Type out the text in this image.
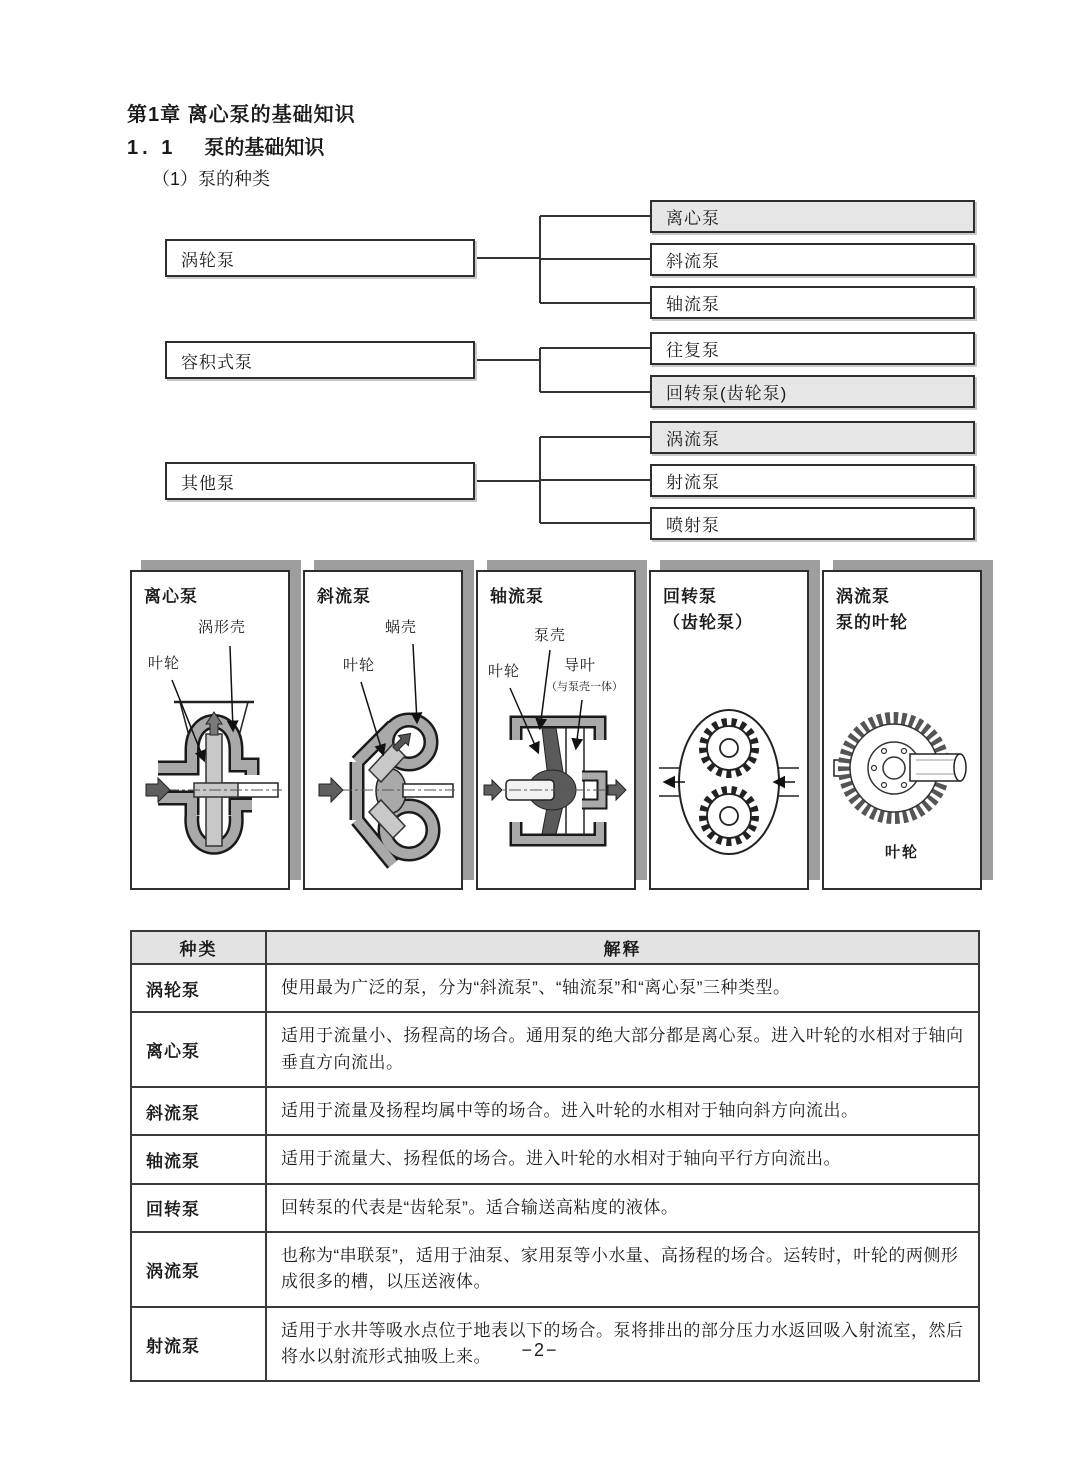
第1章 离心泵的基础知识
1. 1 泵的基础知识
（1）泵的种类
涡轮泵
离心泵
斜流泵
轴流泵
容积式泵
往复泵
回转泵(齿轮泵)
其他泵
涡流泵
射流泵
喷射泵
离心泵
涡形壳
叶轮
斜流泵
蜗壳
叶轮
轴流泵
泵壳
叶轮	导叶
（与泵壳一体）
回转泵
（齿轮泵）
涡流泵
泵的叶轮
叶轮
种类	解释
涡轮泵	使用最为广泛的泵，分为“斜流泵”、“轴流泵”和“离心泵”三种类型。
离心泵	适用于流量小、扬程高的场合。通用泵的绝大部分都是离心泵。进入叶轮的水相对于轴向垂直方向流出。
斜流泵	适用于流量及扬程均属中等的场合。进入叶轮的水相对于轴向斜方向流出。
轴流泵	适用于流量大、扬程低的场合。进入叶轮的水相对于轴向平行方向流出。
回转泵	回转泵的代表是“齿轮泵”。适合输送高粘度的液体。
涡流泵	也称为“串联泵”，适用于油泵、家用泵等小水量、高扬程的场合。运转时，叶轮的两侧形成很多的槽，以压送液体。
射流泵	适用于水井等吸水点位于地表以下的场合。泵将排出的部分压力水返回吸入射流室，然后将水以射流形式抽吸上来。	−2−
